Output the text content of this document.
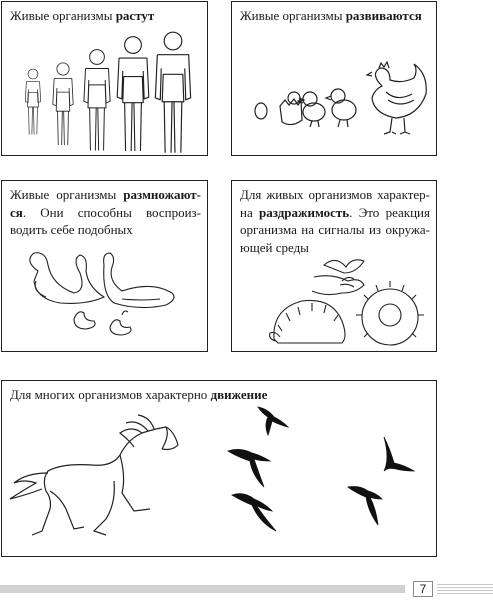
Живые организмы растут	Живые организмы развиваются
Живые организмы размножают-ся. Они способны воспроиз-водить себе подобных
Для живых организмов характер-на раздражимость. Это реакция организма на сигналы из окружа-ющей среды
Для многих организмов характерно движение
7
